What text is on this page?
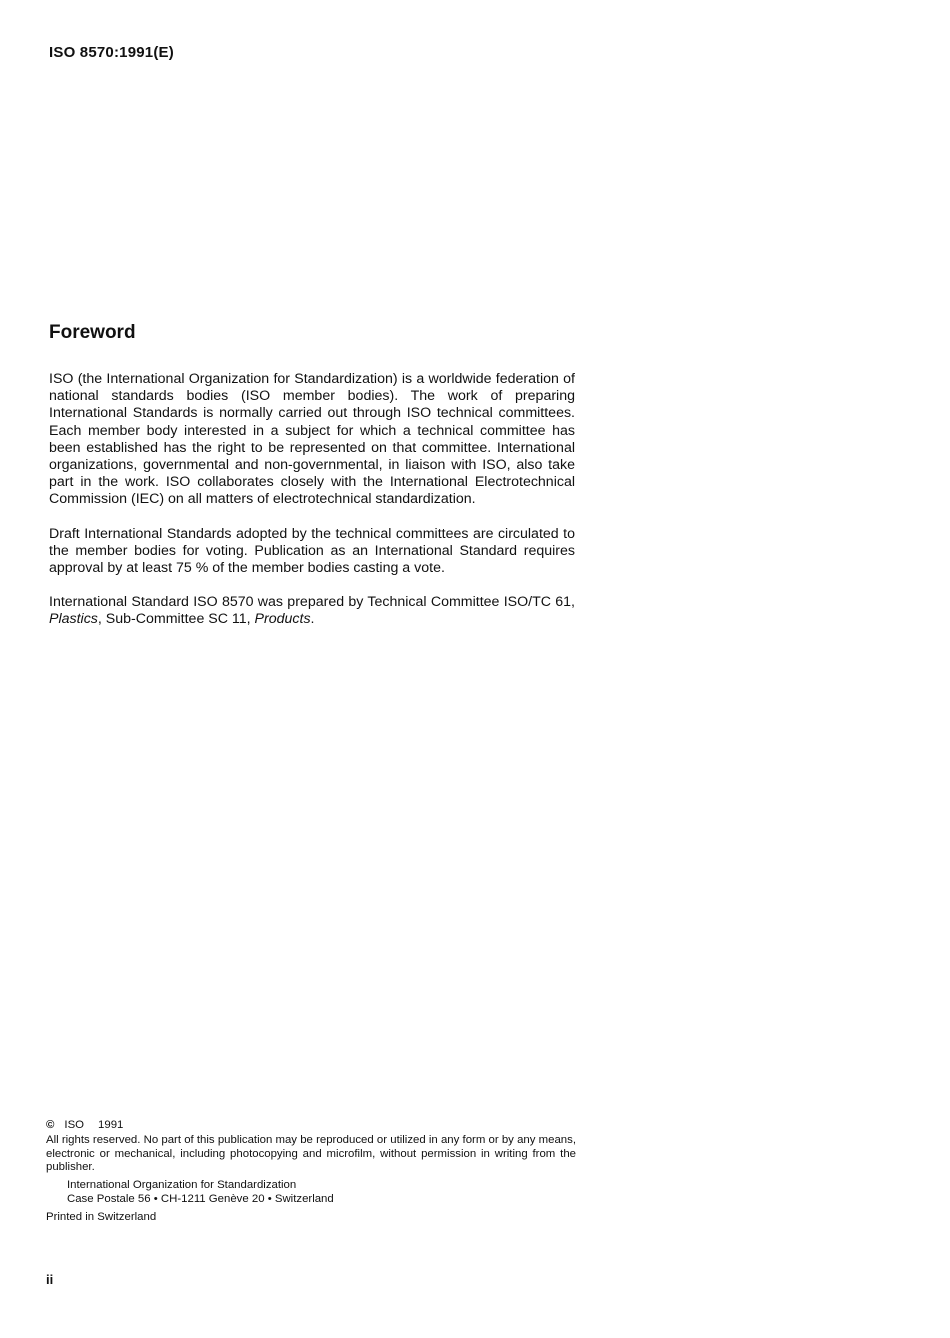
ISO 8570:1991(E)
Foreword

ISO (the International Organization for Standardization) is a worldwide federation of national standards bodies (ISO member bodies). The work of preparing International Standards is normally carried out through ISO technical committees. Each member body interested in a subject for which a technical committee has been established has the right to be represented on that committee. International organizations, governmental and non-governmental, in liaison with ISO, also take part in the work. ISO collaborates closely with the International Electrotechnical Commission (IEC) on all matters of electrotechnical standardization.

Draft International Standards adopted by the technical committees are circulated to the member bodies for voting. Publication as an International Standard requires approval by at least 75 % of the member bodies casting a vote.

International Standard ISO 8570 was prepared by Technical Committee ISO/TC 61, Plastics, Sub-Committee SC 11, Products.

© ISO 1991
All rights reserved. No part of this publication may be reproduced or utilized in any form or by any means, electronic or mechanical, including photocopying and microfilm, without permission in writing from the publisher.
International Organization for Standardization
Case Postale 56 • CH-1211 Genève 20 • Switzerland
Printed in Switzerland
ii
